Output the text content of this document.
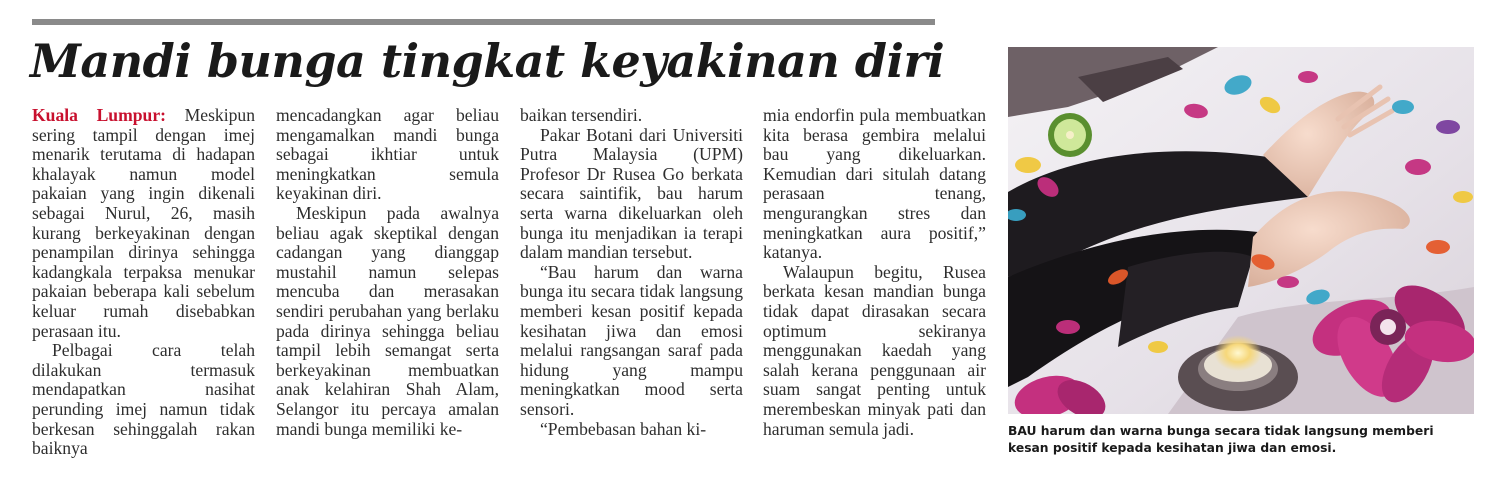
Mandi bunga tingkat keyakinan diri

Kuala Lumpur: Meskipun sering tampil dengan imej menarik terutama di hadapan khalayak namun model pakaian yang ingin dikenali sebagai Nurul, 26, masih kurang berkeyakinan dengan penampilan dirinya sehingga kadangkala terpaksa menukar pakaian beberapa kali sebelum keluar rumah disebabkan perasaan itu.

Pelbagai cara telah dilakukan termasuk mendapatkan nasihat perunding imej namun tidak berkesan sehinggalah rakan baiknya

mencadangkan agar beliau mengamalkan mandi bunga sebagai ikhtiar untuk meningkatkan semula keyakinan diri.

Meskipun pada awalnya beliau agak skeptikal dengan cadangan yang dianggap mustahil namun selepas mencuba dan merasakan sendiri perubahan yang berlaku pada dirinya sehingga beliau tampil lebih semangat serta berkeyakinan membuatkan anak kelahiran Shah Alam, Selangor itu percaya amalan mandi bunga memiliki ke-

baikan tersendiri.

Pakar Botani dari Universiti Putra Malaysia (UPM) Profesor Dr Rusea Go berkata secara saintifik, bau harum serta warna dikeluarkan oleh bunga itu menjadikan ia terapi dalam mandian tersebut.

“Bau harum dan warna bunga itu secara tidak langsung memberi kesan positif kepada kesihatan jiwa dan emosi melalui rangsangan saraf pada hidung yang mampu meningkatkan mood serta sensori.

“Pembebasan bahan ki-

mia endorfin pula membuatkan kita berasa gembira melalui bau yang dikeluarkan. Kemudian dari situlah datang perasaan tenang, mengurangkan stres dan meningkatkan aura positif,” katanya.

Walaupun begitu, Rusea berkata kesan mandian bunga tidak dapat dirasakan secara optimum sekiranya menggunakan kaedah yang salah kerana penggunaan air suam sangat penting untuk merembeskan minyak pati dan haruman semula jadi.	BAU harum dan warna bunga secara tidak langsung memberi kesan positif kepada kesihatan jiwa dan emosi.
